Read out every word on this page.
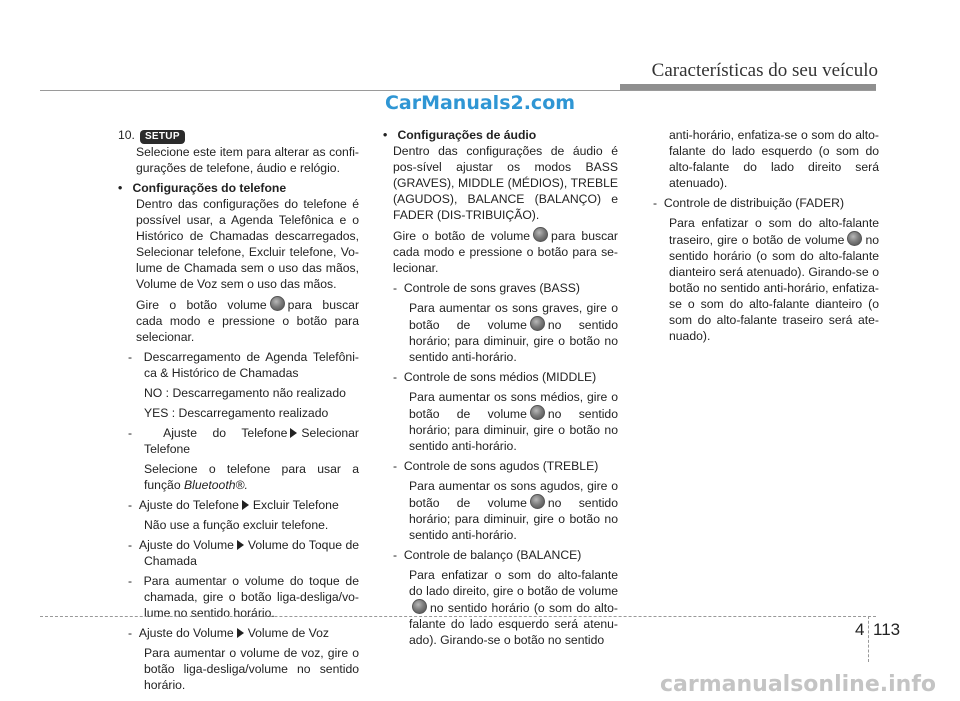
Características do seu veículo
CarManuals2.com

10. SETUP

Selecione este item para alterar as confi-gurações de telefone, áudio e relógio.

•   Configurações do telefone

Dentro das configurações do telefone é possível usar, a Agenda Telefônica e o Histórico de Chamadas descarregados, Selecionar telefone, Excluir telefone, Vo-lume de Chamada sem o uso das mãos, Volume de Voz sem o uso das mãos.

Gire o botão volume para buscar cada modo e pressione o botão para selecionar.

-  Descarregamento de Agenda Telefôni-ca & Histórico de Chamadas

NO : Descarregamento não realizado

YES : Descarregamento realizado

-  Ajuste do Telefone Selecionar Telefone

Selecione o telefone para usar a função Bluetooth®.

-  Ajuste do Telefone Excluir Telefone

Não use a função excluir telefone.

-  Ajuste do Volume Volume do Toque de Chamada

-  Para aumentar o volume do toque de chamada, gire o botão liga-desliga/vo-lume no sentido horário.

-  Ajuste do Volume Volume de Voz

Para aumentar o volume de voz, gire o botão liga-desliga/volume no sentido horário.

•   Configurações de áudio

Dentro das configurações de áudio é pos-sível ajustar os modos BASS (GRAVES), MIDDLE (MÉDIOS), TREBLE (AGUDOS), BALANCE (BALANÇO) e FADER (DIS-TRIBUIÇÃO).

Gire o botão de volume para buscar cada modo e pressione o botão para se-lecionar.

-  Controle de sons graves (BASS)

Para aumentar os sons graves, gire o botão de volume no sentido horário; para diminuir, gire o botão no sentido anti-horário.

-  Controle de sons médios (MIDDLE)

Para aumentar os sons médios, gire o botão de volume no sentido horário; para diminuir, gire o botão no sentido anti-horário.

-  Controle de sons agudos (TREBLE)

Para aumentar os sons agudos, gire o botão de volume no sentido horário; para diminuir, gire o botão no sentido anti-horário.

-  Controle de balanço (BALANCE)

Para enfatizar o som do alto-falante do lado direito, gire o botão de volumeno sentido horário (o som do alto-falante do lado esquerdo será atenu-ado). Girando-se o botão no sentido

anti-horário, enfatiza-se o som do alto-falante do lado esquerdo (o som do alto-falante do lado direito será atenuado).

-  Controle de distribuição (FADER)

Para enfatizar o som do alto-falante traseiro, gire o botão de volume no sentido horário (o som do alto-falante dianteiro será atenuado). Girando-se o botão no sentido anti-horário, enfatiza-se o som do alto-falante dianteiro (o som do alto-falante traseiro será ate-nuado).

4 113
carmanualsonline.info
